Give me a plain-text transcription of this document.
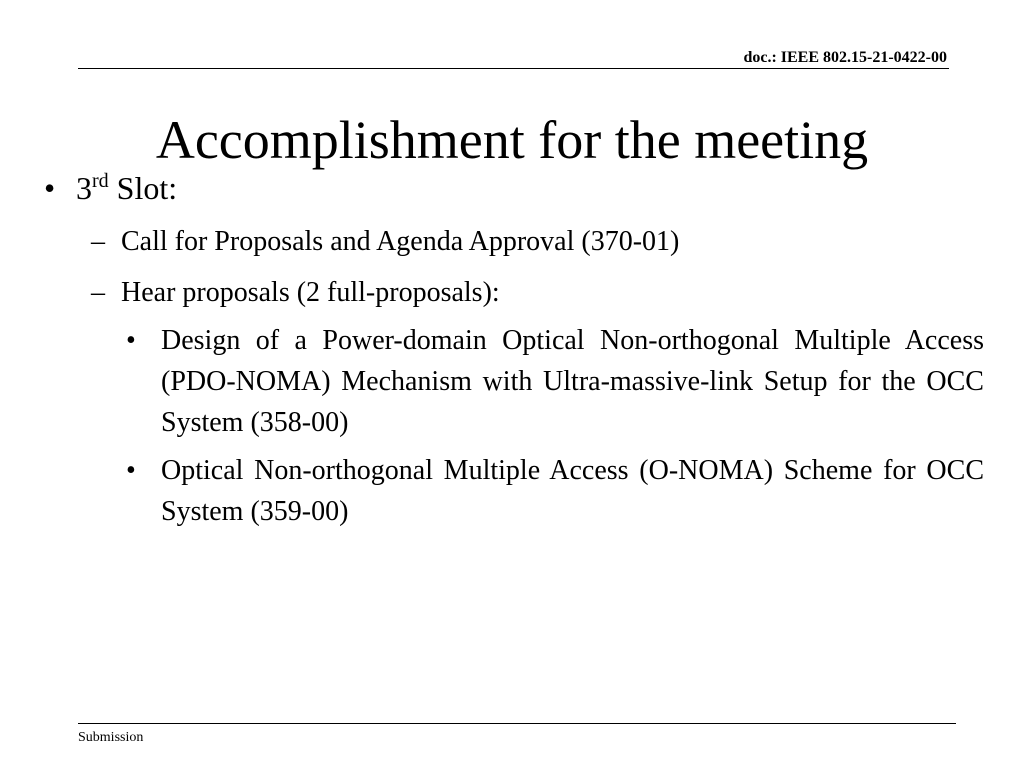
doc.: IEEE 802.15-21-0422-00
Accomplishment for the meeting
• 3rd Slot:
– Call for Proposals and Agenda Approval (370-01)
– Hear proposals (2 full-proposals):
• Design of a Power-domain Optical Non-orthogonal Multiple Access (PDO-NOMA) Mechanism with Ultra-massive-link Setup for the OCC System (358-00)
• Optical Non-orthogonal Multiple Access (O-NOMA) Scheme for OCC System (359-00)
Submission
